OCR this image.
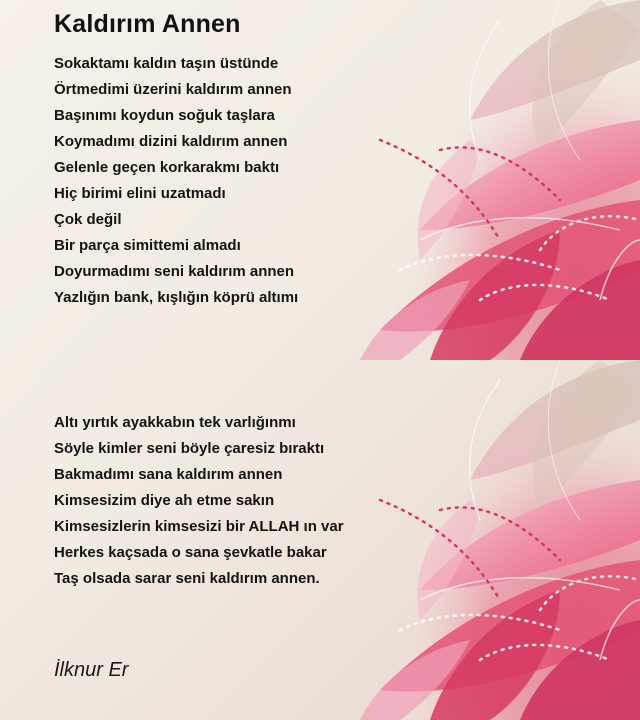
Kaldırım Annen
Sokaktamı kaldın taşın üstünde
Örtmedimi üzerini kaldırım annen
Başınımı koydun soğuk taşlara
Koymadımı dizini kaldırım annen
Gelenle geçen korkarakmı baktı
Hiç birimi elini uzatmadı
Çok değil
Bir parça simittemi almadı
Doyurmadımı seni kaldırım annen
Yazlığın bank, kışlığın köprü altımı
Altı yırtık ayakkabın tek varlığınmı
Söyle kimler seni böyle çaresiz bıraktı
Bakmadımı sana kaldırım annen
Kimsesizim diye ah etme sakın
Kimsesizlerin kimsesizi bir ALLAH ın var
Herkes kaçsada o sana şevkatle bakar
Taş olsada sarar seni kaldırım annen.
İlknur Er
